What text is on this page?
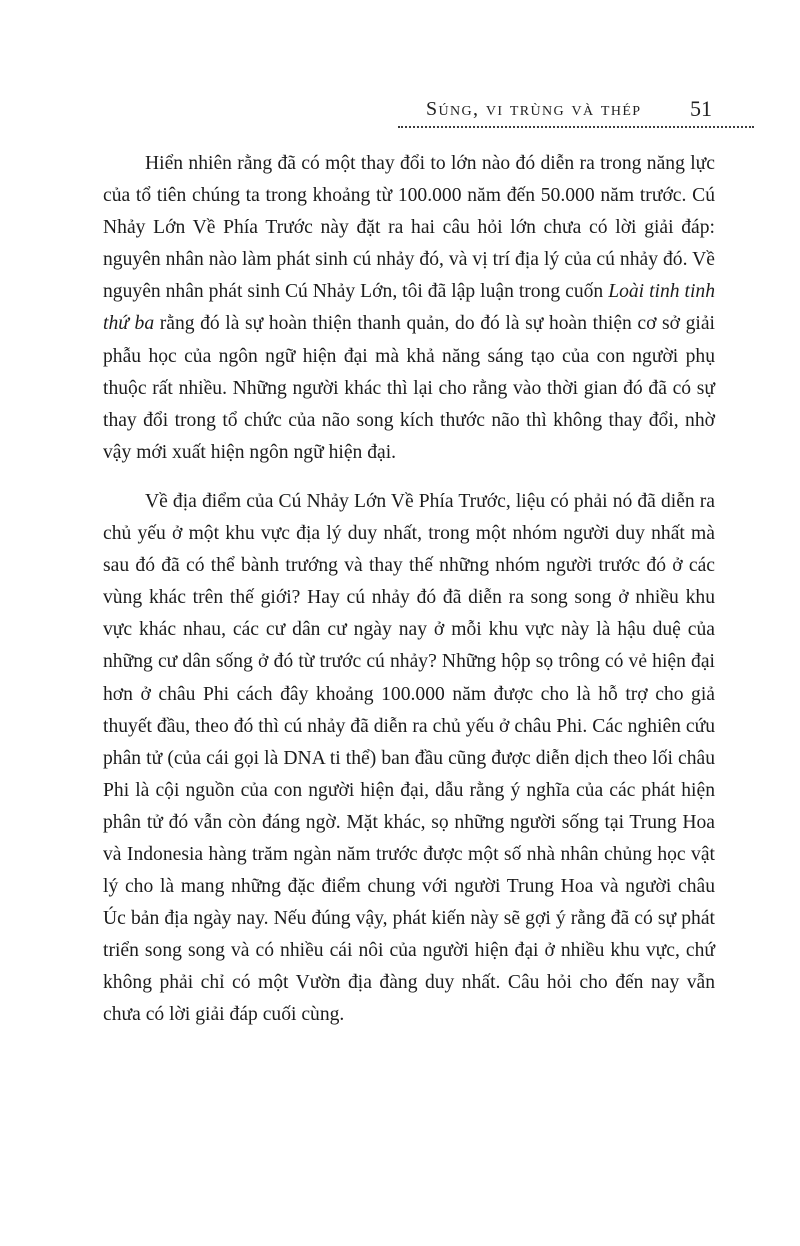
Súng, vi trùng và thép 51

Hiển nhiên rằng đã có một thay đổi to lớn nào đó diễn ra trong năng lực của tổ tiên chúng ta trong khoảng từ 100.000 năm đến 50.000 năm trước. Cú Nhảy Lớn Về Phía Trước này đặt ra hai câu hỏi lớn chưa có lời giải đáp: nguyên nhân nào làm phát sinh cú nhảy đó, và vị trí địa lý của cú nhảy đó. Về nguyên nhân phát sinh Cú Nhảy Lớn, tôi đã lập luận trong cuốn Loài tinh tinh thứ ba rằng đó là sự hoàn thiện thanh quản, do đó là sự hoàn thiện cơ sở giải phẫu học của ngôn ngữ hiện đại mà khả năng sáng tạo của con người phụ thuộc rất nhiều. Những người khác thì lại cho rằng vào thời gian đó đã có sự thay đổi trong tổ chức của não song kích thước não thì không thay đổi, nhờ vậy mới xuất hiện ngôn ngữ hiện đại.

Về địa điểm của Cú Nhảy Lớn Về Phía Trước, liệu có phải nó đã diễn ra chủ yếu ở một khu vực địa lý duy nhất, trong một nhóm người duy nhất mà sau đó đã có thể bành trướng và thay thế những nhóm người trước đó ở các vùng khác trên thế giới? Hay cú nhảy đó đã diễn ra song song ở nhiều khu vực khác nhau, các cư dân cư ngày nay ở mỗi khu vực này là hậu duệ của những cư dân sống ở đó từ trước cú nhảy? Những hộp sọ trông có vẻ hiện đại hơn ở châu Phi cách đây khoảng 100.000 năm được cho là hỗ trợ cho giả thuyết đầu, theo đó thì cú nhảy đã diễn ra chủ yếu ở châu Phi. Các nghiên cứu phân tử (của cái gọi là DNA ti thể) ban đầu cũng được diễn dịch theo lối châu Phi là cội nguồn của con người hiện đại, dẫu rằng ý nghĩa của các phát hiện phân tử đó vẫn còn đáng ngờ. Mặt khác, sọ những người sống tại Trung Hoa và Indonesia hàng trăm ngàn năm trước được một số nhà nhân chủng học vật lý cho là mang những đặc điểm chung với người Trung Hoa và người châu Úc bản địa ngày nay. Nếu đúng vậy, phát kiến này sẽ gợi ý rằng đã có sự phát triển song song và có nhiều cái nôi của người hiện đại ở nhiều khu vực, chứ không phải chỉ có một Vườn địa đàng duy nhất. Câu hỏi cho đến nay vẫn chưa có lời giải đáp cuối cùng.
